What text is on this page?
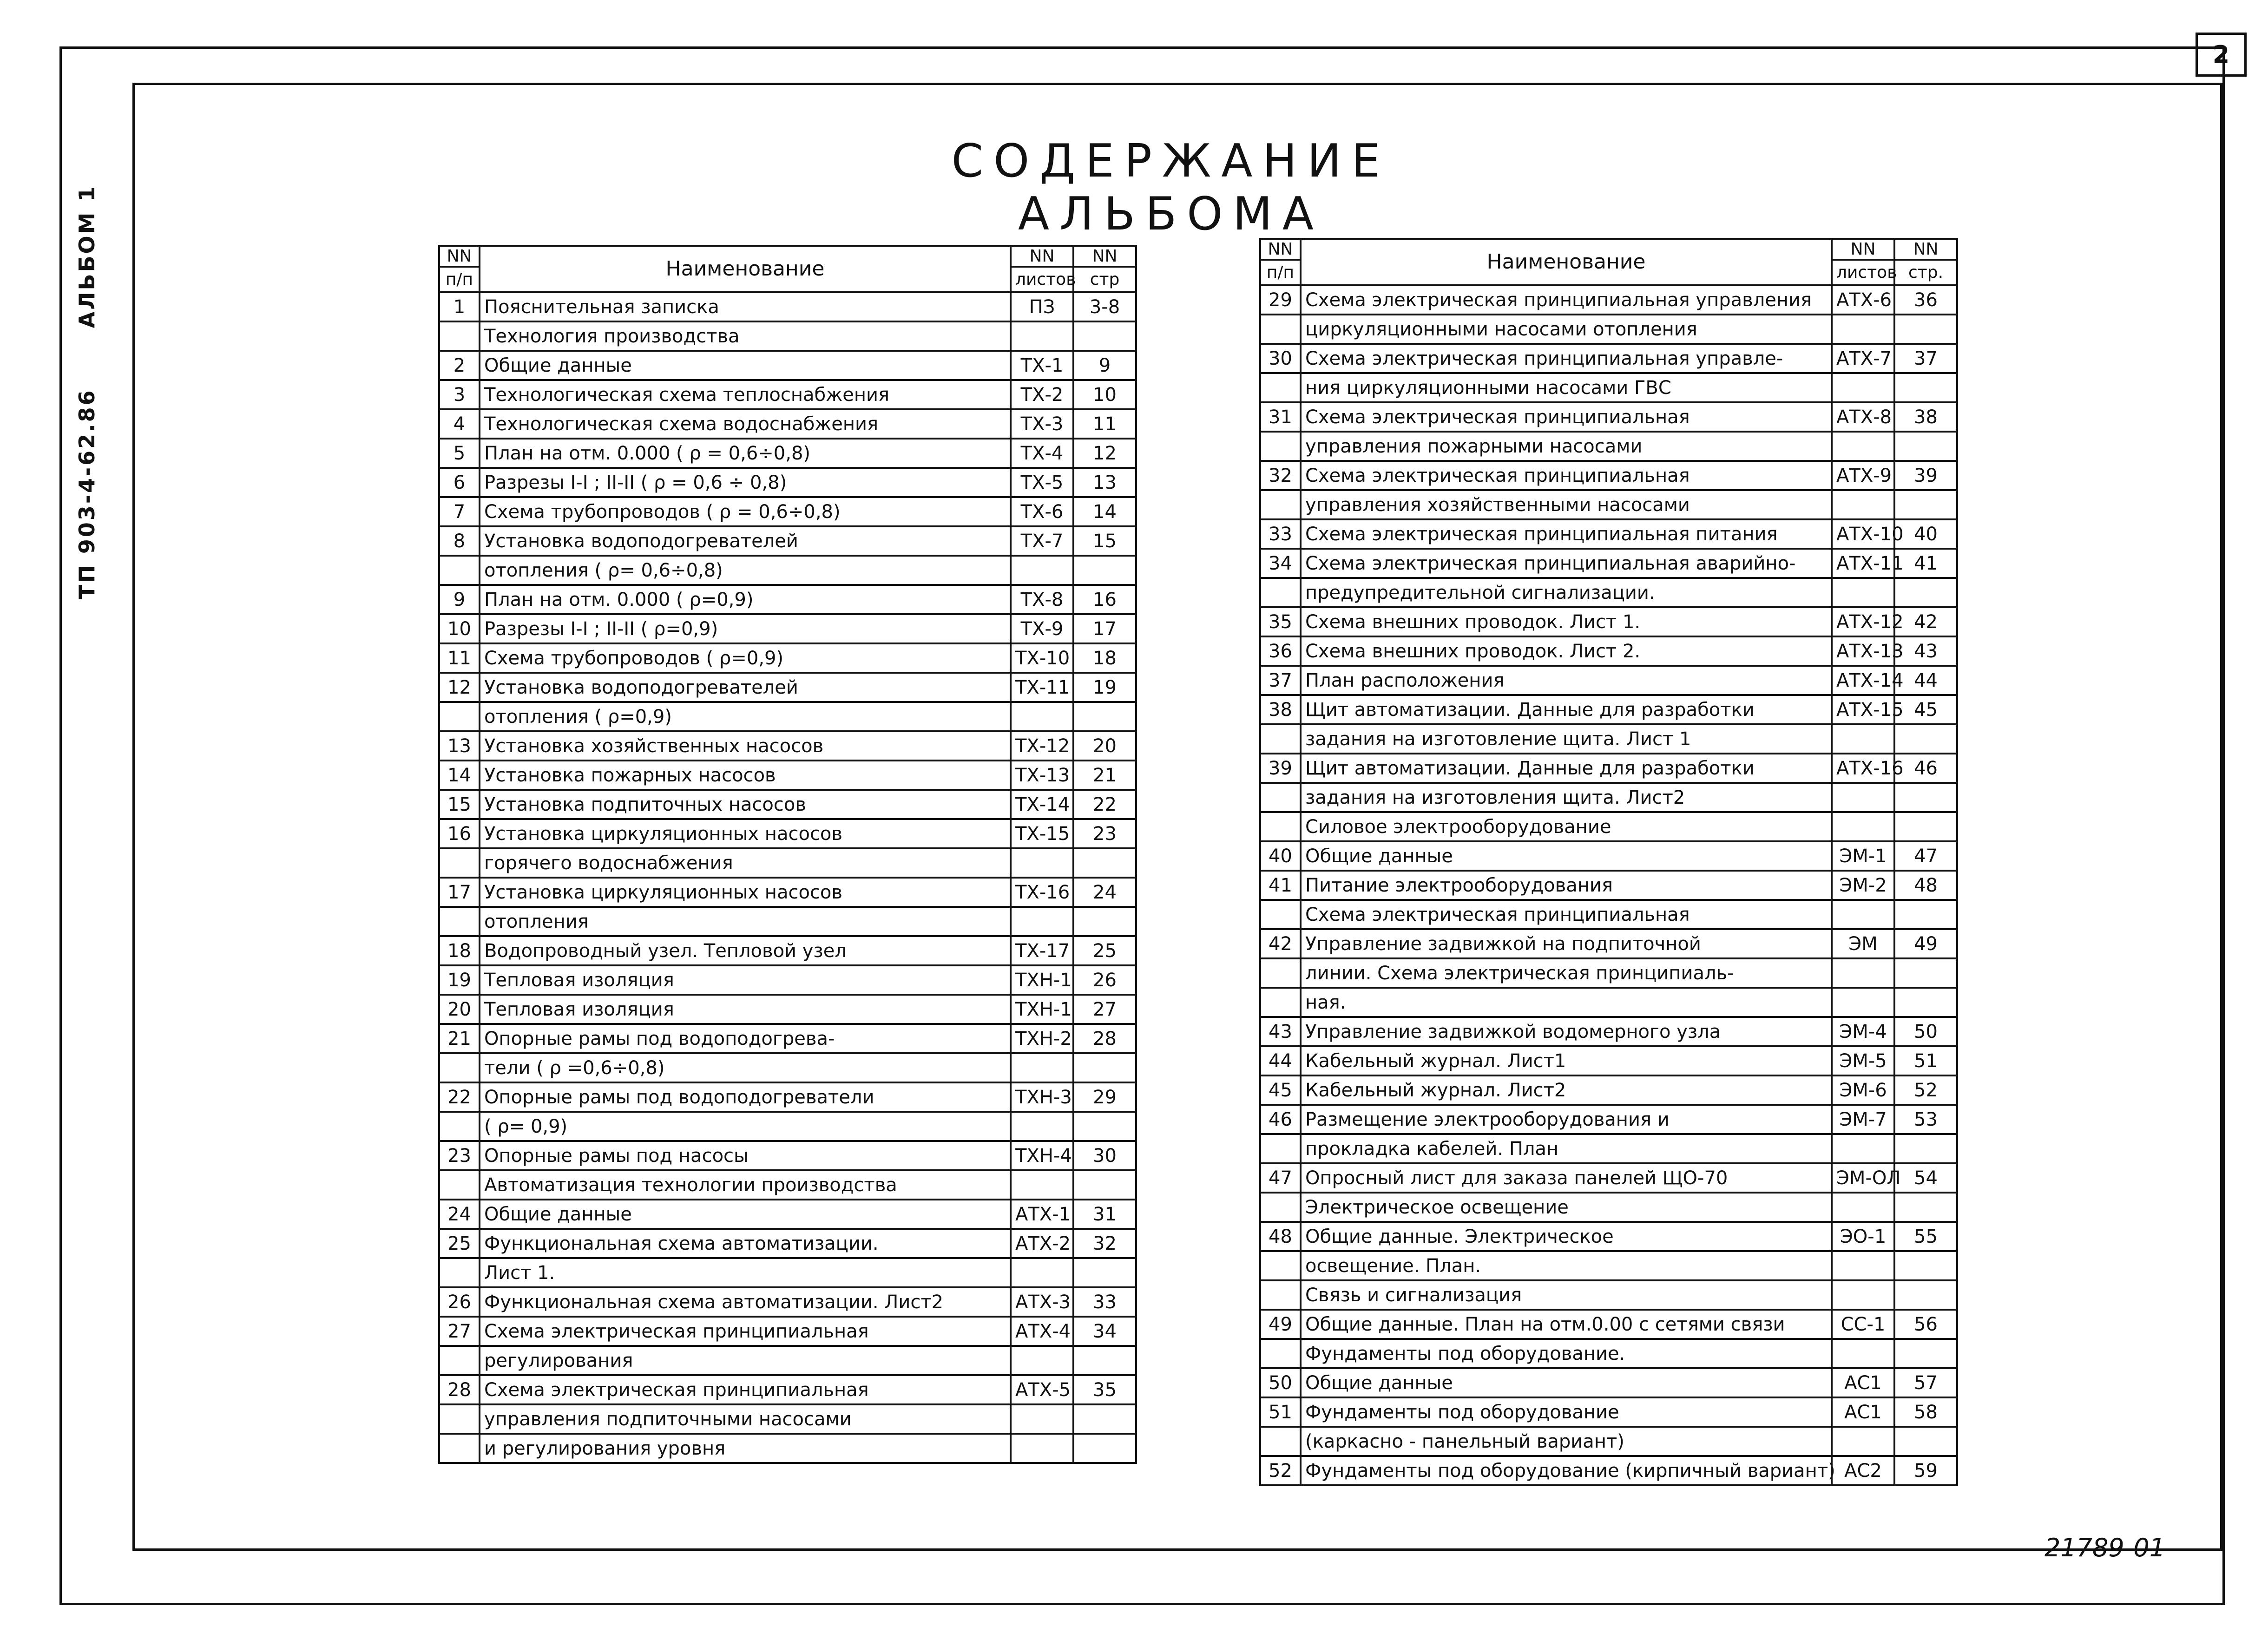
2
ТП 903-4-62.86 АЛЬБОМ 1
СОДЕРЖАНИЕ АЛЬБОМА
NN	Наименование	NN	NN
п/п		листов	стр
1	Пояснительная записка	ПЗ	3-8
	Технология производства		
2	Общие данные	ТХ-1	9
3	Технологическая схема теплоснабжения	ТХ-2	10
4	Технологическая схема водоснабжения	ТХ-3	11
5	План на отм. 0.000 ( ρ = 0,6÷0,8)	ТХ-4	12
6	Разрезы I-I ; II-II ( ρ = 0,6 ÷ 0,8)	ТХ-5	13
7	Схема трубопроводов ( ρ = 0,6÷0,8)	ТХ-6	14
8	Установка водоподогревателей	ТХ-7	15
	отопления ( ρ= 0,6÷0,8)		
9	План на отм. 0.000 ( ρ=0,9)	ТХ-8	16
10	Разрезы I-I ; II-II ( ρ=0,9)	ТХ-9	17
11	Схема трубопроводов ( ρ=0,9)	ТХ-10	18
12	Установка водоподогревателей	ТХ-11	19
	отопления ( ρ=0,9)		
13	Установка хозяйственных насосов	ТХ-12	20
14	Установка пожарных насосов	ТХ-13	21
15	Установка подпиточных насосов	ТХ-14	22
16	Установка циркуляционных насосов	ТХ-15	23
	горячего водоснабжения		
17	Установка циркуляционных насосов	ТХ-16	24
	отопления		
18	Водопроводный узел. Тепловой узел	ТХ-17	25
19	Тепловая изоляция	ТХН-1	26
20	Тепловая изоляция	ТХН-1	27
21	Опорные рамы под водоподогрева-	ТХН-2	28
	тели ( ρ =0,6÷0,8)		
22	Опорные рамы под водоподогреватели	ТХН-3	29
	( ρ= 0,9)		
23	Опорные рамы под насосы	ТХН-4	30
	Автоматизация технологии производства		
24	Общие данные	АТХ-1	31
25	Функциональная схема автоматизации.	АТХ-2	32
	Лист 1.		
26	Функциональная схема автоматизации. Лист2	АТХ-3	33
27	Схема электрическая принципиальная	АТХ-4	34
	регулирования		
28	Схема электрическая принципиальная	АТХ-5	35
	управления подпиточными насосами		
	и регулирования уровня		
NN	Наименование	NN	NN
п/п		листов	стр.
29	Схема электрическая принципиальная управления	АТХ-6	36
	циркуляционными насосами отопления		
30	Схема электрическая принципиальная управле-	АТХ-7	37
	ния циркуляционными насосами ГВС		
31	Схема электрическая принципиальная	АТХ-8	38
	управления пожарными насосами		
32	Схема электрическая принципиальная	АТХ-9	39
	управления хозяйственными насосами		
33	Схема электрическая принципиальная питания	АТХ-10	40
34	Схема электрическая принципиальная аварийно-	АТХ-11	41
	предупредительной сигнализации.		
35	Схема внешних проводок. Лист 1.	АТХ-12	42
36	Схема внешних проводок. Лист 2.	АТХ-13	43
37	План расположения	АТХ-14	44
38	Щит автоматизации. Данные для разработки	АТХ-15	45
	задания на изготовление щита. Лист 1		
39	Щит автоматизации. Данные для разработки	АТХ-16	46
	задания на изготовления щита. Лист2		
	Силовое электрооборудование		
40	Общие данные	ЭМ-1	47
41	Питание электрооборудования	ЭМ-2	48
	Схема электрическая принципиальная		
42	Управление задвижкой на подпиточной	ЭМ	49
	линии. Схема электрическая принципиаль-		
	ная.		
43	Управление задвижкой водомерного узла	ЭМ-4	50
44	Кабельный журнал. Лист1	ЭМ-5	51
45	Кабельный журнал. Лист2	ЭМ-6	52
46	Размещение электрооборудования и	ЭМ-7	53
	прокладка кабелей. План		
47	Опросный лист для заказа панелей ЩО-70	ЭМ-ОЛ	54
	Электрическое освещение		
48	Общие данные. Электрическое	ЭО-1	55
	освещение. План.		
	Связь и сигнализация		
49	Общие данные. План на отм.0.00 с сетями связи	СС-1	56
	Фундаменты под оборудование.		
50	Общие данные	АС1	57
51	Фундаменты под оборудование	АС1	58
	(каркасно - панельный вариант)		
52	Фундаменты под оборудование (кирпичный вариант)	АС2	59
21789-01
